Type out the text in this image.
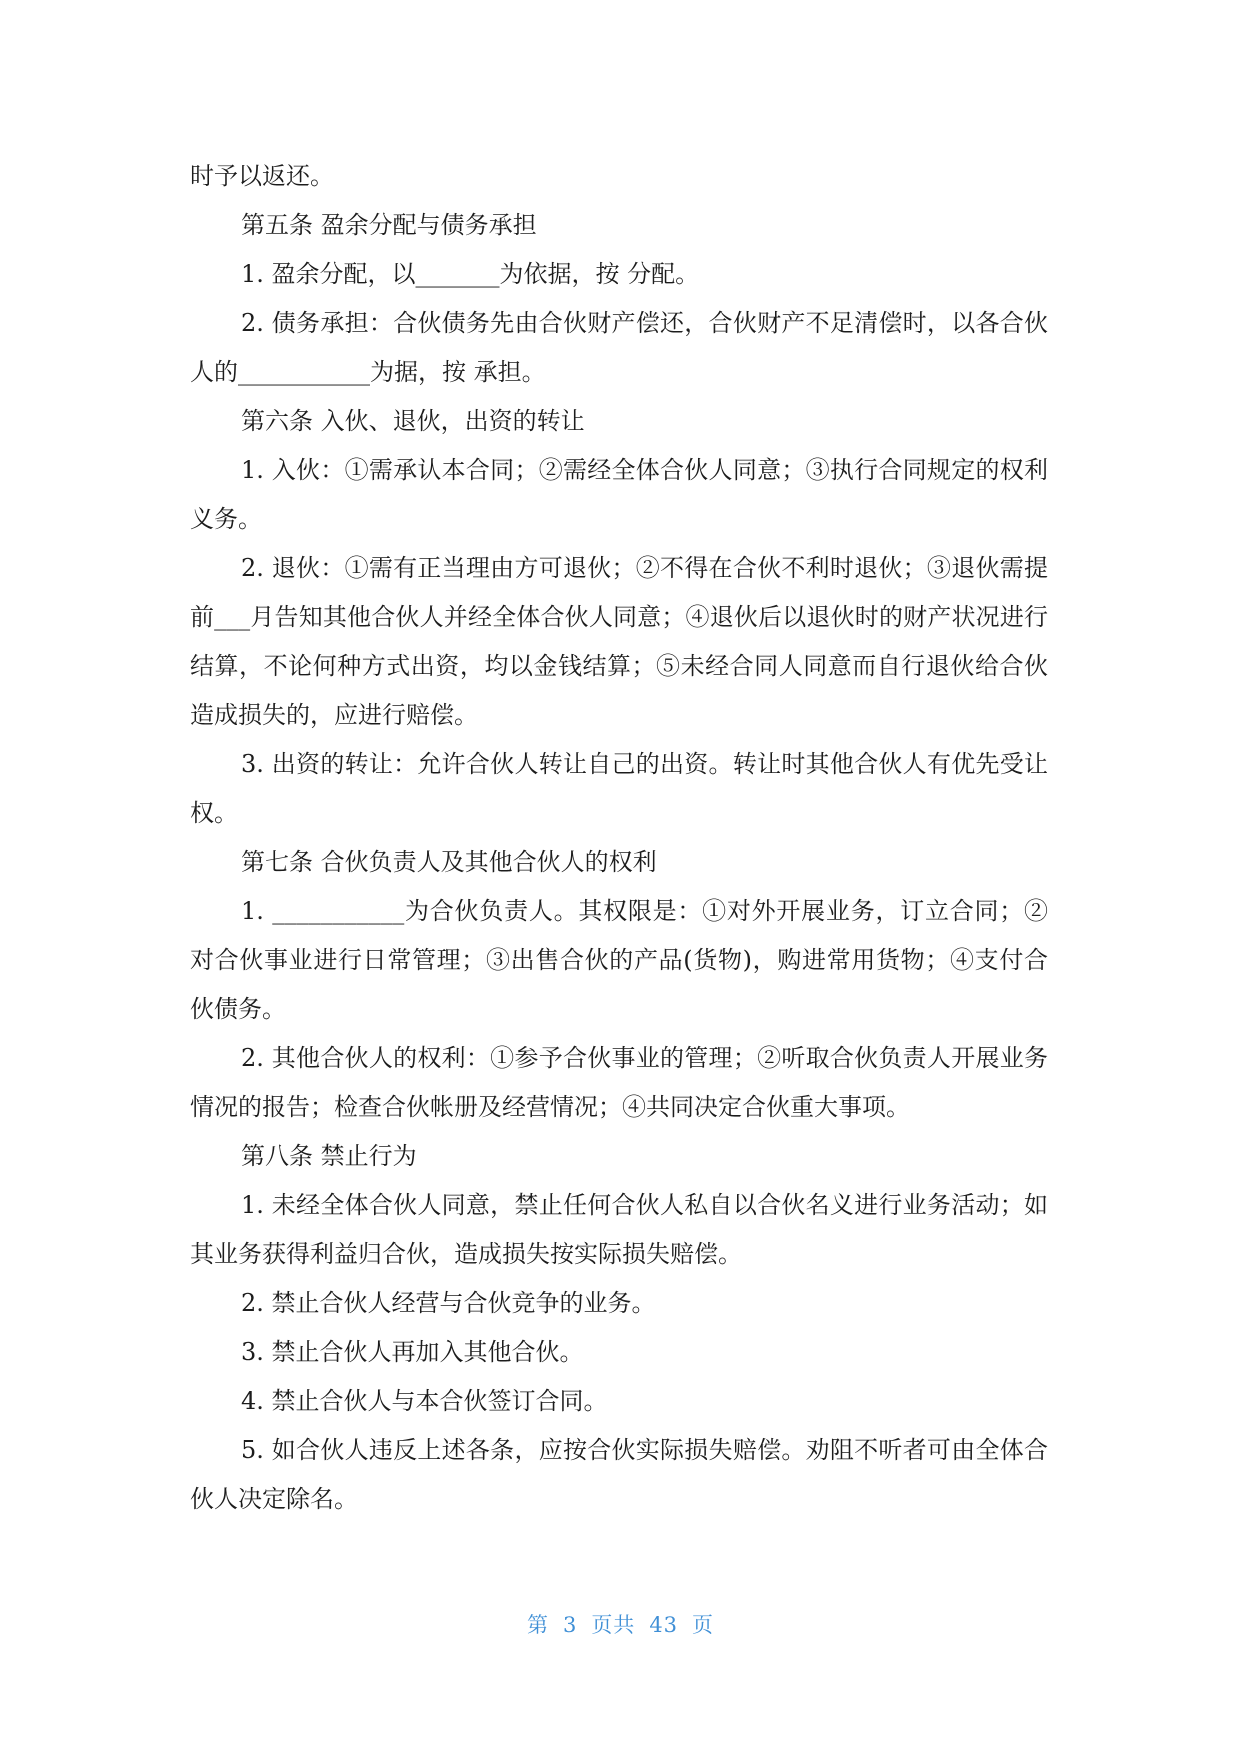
时予以返还。

第五条 盈余分配与债务承担

1. 盈余分配，以_______为依据，按 分配。

2. 债务承担：合伙债务先由合伙财产偿还，合伙财产不足清偿时，以各合伙人的___________为据，按 承担。

第六条 入伙、退伙，出资的转让

1. 入伙：①需承认本合同；②需经全体合伙人同意；③执行合同规定的权利义务。

2. 退伙：①需有正当理由方可退伙；②不得在合伙不利时退伙；③退伙需提前___月告知其他合伙人并经全体合伙人同意；④退伙后以退伙时的财产状况进行结算，不论何种方式出资，均以金钱结算；⑤未经合同人同意而自行退伙给合伙造成损失的，应进行赔偿。

3. 出资的转让：允许合伙人转让自己的出资。转让时其他合伙人有优先受让权。

第七条 合伙负责人及其他合伙人的权利

1. ___________为合伙负责人。其权限是：①对外开展业务，订立合同；②对合伙事业进行日常管理；③出售合伙的产品(货物)，购进常用货物；④支付合伙债务。

2. 其他合伙人的权利：①参予合伙事业的管理；②听取合伙负责人开展业务情况的报告；检查合伙帐册及经营情况；④共同决定合伙重大事项。

第八条 禁止行为

1. 未经全体合伙人同意，禁止任何合伙人私自以合伙名义进行业务活动；如其业务获得利益归合伙，造成损失按实际损失赔偿。

2. 禁止合伙人经营与合伙竞争的业务。

3. 禁止合伙人再加入其他合伙。

4. 禁止合伙人与本合伙签订合同。

5. 如合伙人违反上述各条，应按合伙实际损失赔偿。劝阻不听者可由全体合伙人决定除名。

第 3 页共 43 页
